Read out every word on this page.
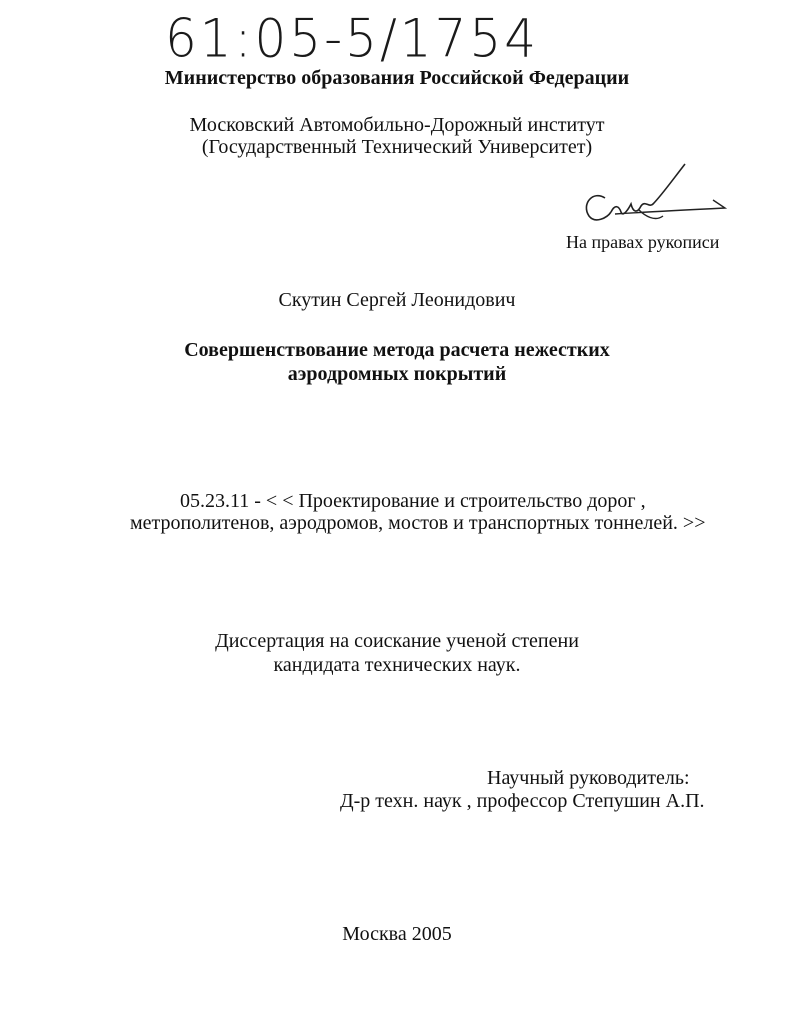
61:05-5/1754
Министерство образования Российской Федерации
Московский Автомобильно-Дорожный институт
(Государственный Технический Университет)
На правах рукописи
Скутин Сергей Леонидович
Совершенствование метода расчета нежестких
аэродромных покрытий
05.23.11 - < < Проектирование и строительство дорог ,
метрополитенов, аэродромов, мостов и транспортных тоннелей. >>
Диссертация на соискание ученой степени
кандидата технических наук.
Научный руководитель:
Д-р техн. наук , профессор Степушин А.П.
Москва 2005
